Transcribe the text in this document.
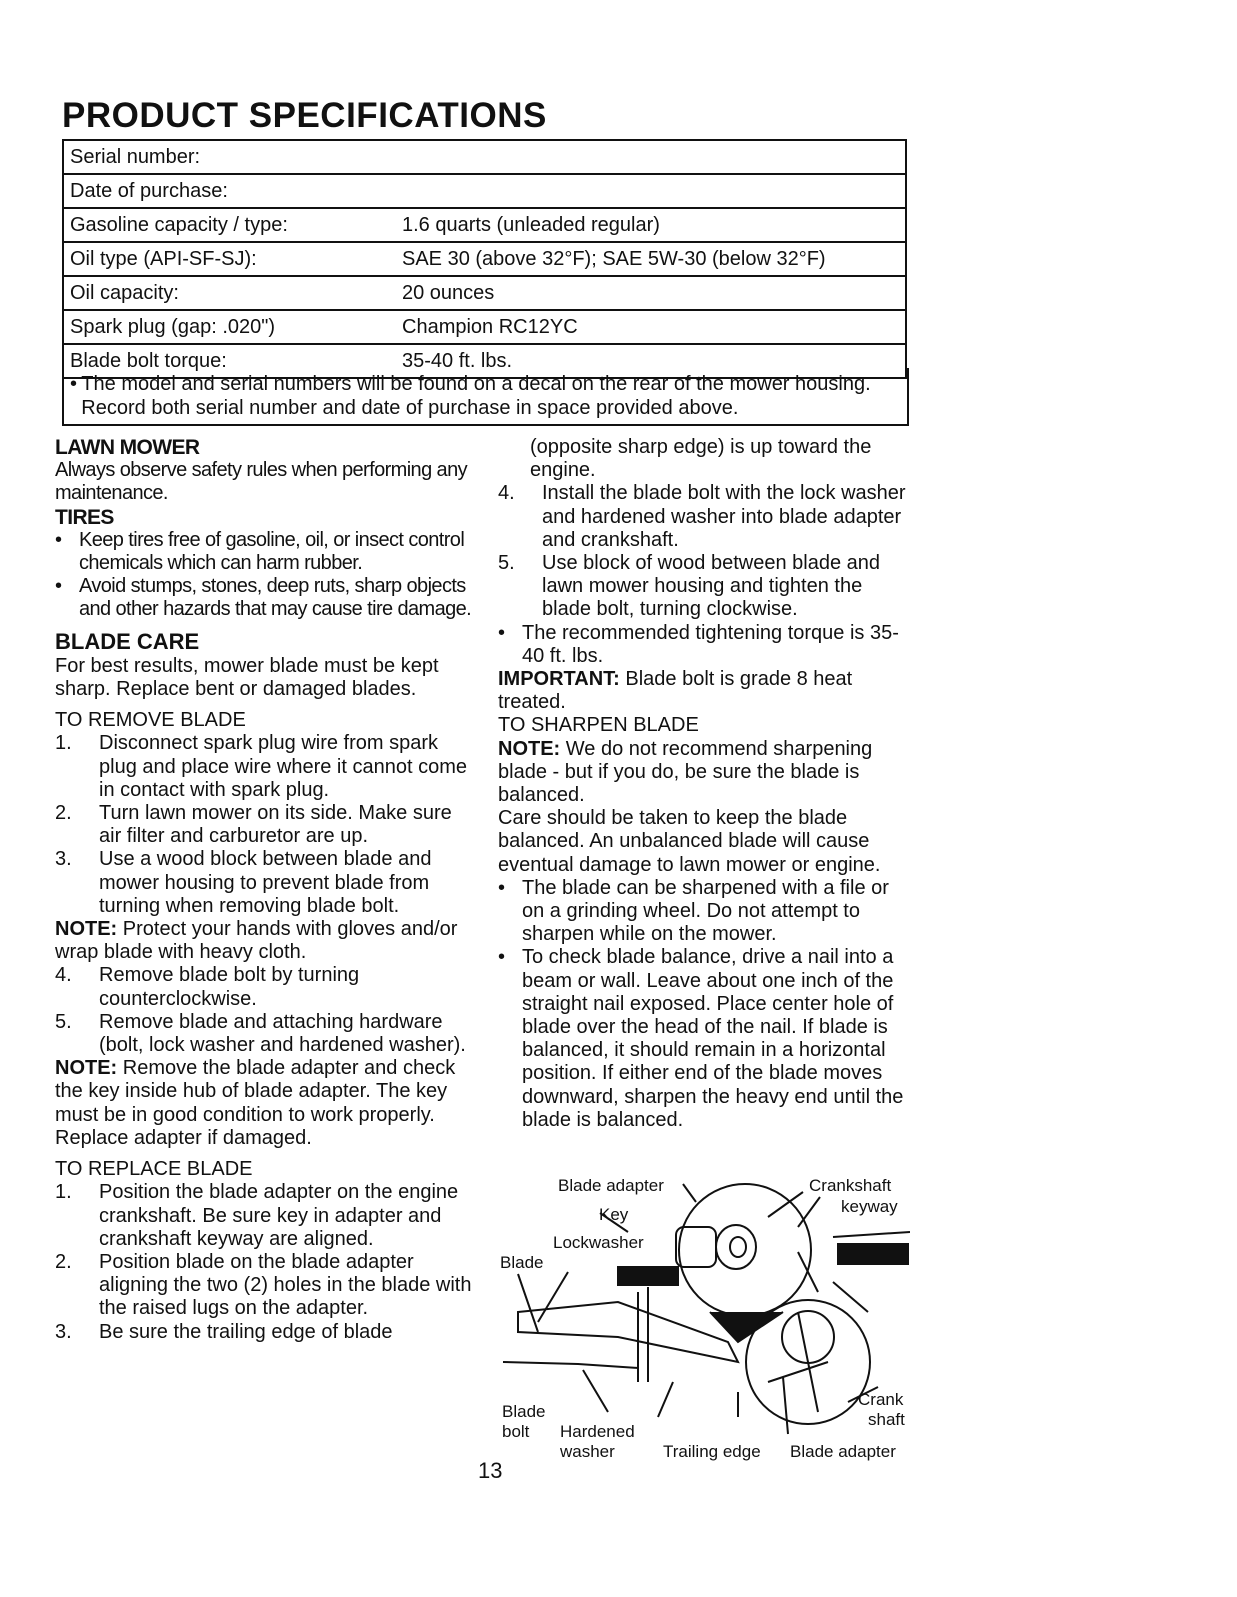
PRODUCT SPECIFICATIONS
Serial number:	
Date of purchase:	
Gasoline capacity / type:	1.6 quarts (unleaded regular)
Oil type (API-SF-SJ):	SAE 30 (above 32°F); SAE 5W-30 (below 32°F)
Oil capacity:	20 ounces
Spark plug (gap: .020")	Champion RC12YC
Blade bolt torque:	35-40 ft. lbs.
• The model and serial numbers will be found on a decal on the rear of the mower housing. Record both serial number and date of purchase in space provided above.

LAWN MOWER

Always observe safety rules when performing any maintenance.

TIRES

• Keep tires free of gasoline, oil, or insect control chemicals which can harm rubber.
• Avoid stumps, stones, deep ruts, sharp objects and other hazards that may cause tire damage.

BLADE CARE

For best results, mower blade must be kept sharp. Replace bent or damaged blades.

TO REMOVE BLADE

1.	Disconnect spark plug wire from spark plug and place wire where it cannot come in contact with spark plug.
2.	Turn lawn mower on its side. Make sure air filter and carburetor are up.
3.	Use a wood block between blade and mower housing to prevent blade from turning when removing blade bolt.

NOTE: Protect your hands with gloves and/or wrap blade with heavy cloth.

4.	Remove blade bolt by turning counterclockwise.
5.	Remove blade and attaching hardware (bolt, lock washer and hardened washer).

NOTE: Remove the blade adapter and check the key inside hub of blade adapter. The key must be in good condition to work properly. Replace adapter if damaged.

TO REPLACE BLADE

1.	Position the blade adapter on the engine crankshaft. Be sure key in adapter and crankshaft keyway are aligned.
2.	Position blade on the blade adapter aligning the two (2) holes in the blade with the raised lugs on the adapter.
3.	Be sure the trailing edge of blade

(opposite sharp edge) is up toward the engine.

4.	Install the blade bolt with the lock washer and hardened washer into blade adapter and crankshaft.
5.	Use block of wood between blade and lawn mower housing and tighten the blade bolt, turning clockwise.
• The recommended tightening torque is 35-40 ft. lbs.

IMPORTANT: Blade bolt is grade 8 heat treated.

TO SHARPEN BLADE

NOTE: We do not recommend sharpening blade - but if you do, be sure the blade is balanced.

Care should be taken to keep the blade balanced. An unbalanced blade will cause eventual damage to lawn mower or engine.

• The blade can be sharpened with a file or on a grinding wheel. Do not attempt to sharpen while on the mower.
• To check blade balance, drive a nail into a beam or wall. Leave about one inch of the straight nail exposed. Place center hole of blade over the head of the nail. If blade is balanced, it should remain in a horizontal position. If either end of the blade moves downward, sharpen the heavy end until the blade is balanced.
Blade adapter	Crankshaft
keyway
Key
Lockwasher
Blade
Blade
bolt Hardened
washer	Trailing edge Blade adapter
Crank
shaft
13
